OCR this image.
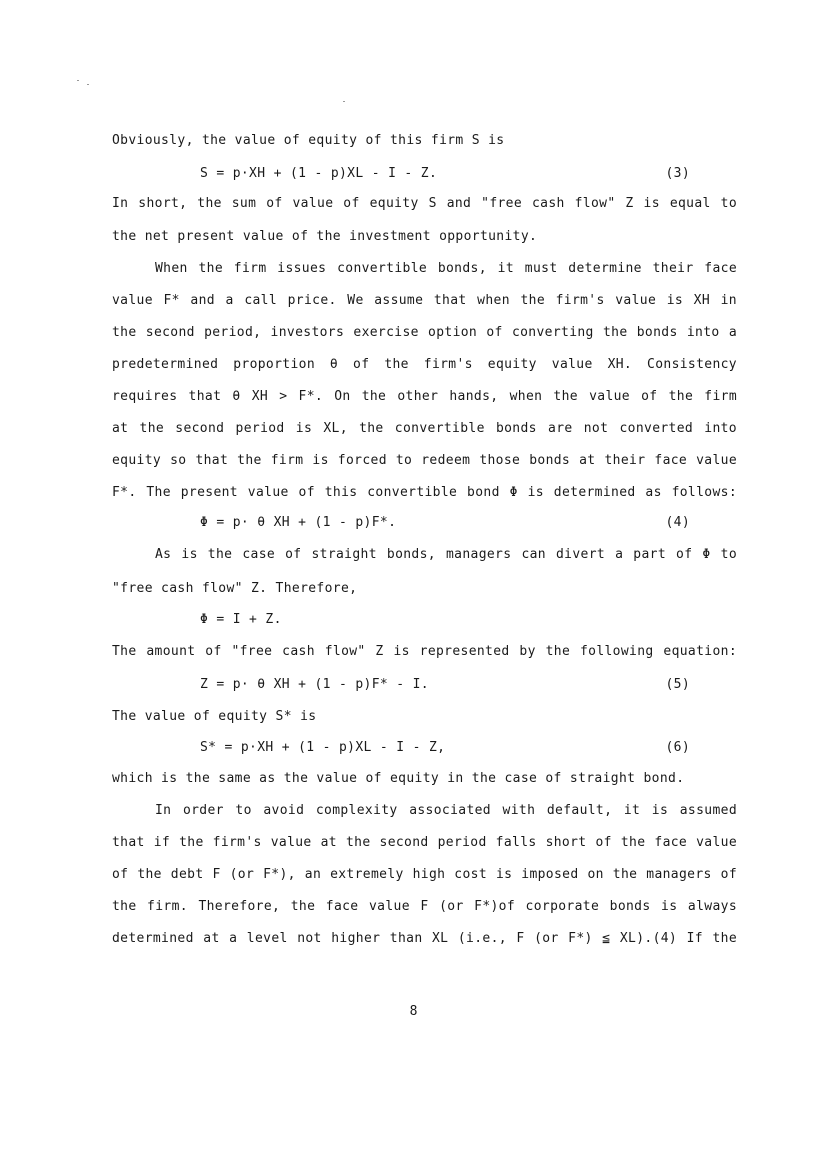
Obviously, the value of equity of this firm S is
S = p·XH + (1 - p)XL - I - Z.	(3)
In short, the sum of value of equity S and "free cash flow" Z is equal to
the net present value of the investment opportunity.
When the firm issues convertible bonds, it must determine their face
value F* and a call price. We assume that when the firm's value is XH in
the second period, investors exercise option of converting the bonds into a
predetermined proportion θ of the firm's equity value XH. Consistency
requires that θ XH > F*. On the other hands, when the value of the firm
at the second period is XL, the convertible bonds are not converted into
equity so that the firm is forced to redeem those bonds at their face value
F*. The present value of this convertible bond Φ is determined as follows:
Φ = p· θ XH + (1 - p)F*.	(4)
As is the case of straight bonds, managers can divert a part of Φ to
"free cash flow" Z. Therefore,
Φ = I + Z.
The amount of "free cash flow" Z is represented by the following equation:
Z = p· θ XH + (1 - p)F* - I.	(5)
The value of equity S* is
S* = p·XH + (1 - p)XL - I - Z,	(6)
which is the same as the value of equity in the case of straight bond.
In order to avoid complexity associated with default, it is assumed
that if the firm's value at the second period falls short of the face value
of the debt F (or F*), an extremely high cost is imposed on the managers of
the firm. Therefore, the face value F (or F*)of corporate bonds is always
determined at a level not higher than XL (i.e., F (or F*) ≦ XL).(4) If the
8
